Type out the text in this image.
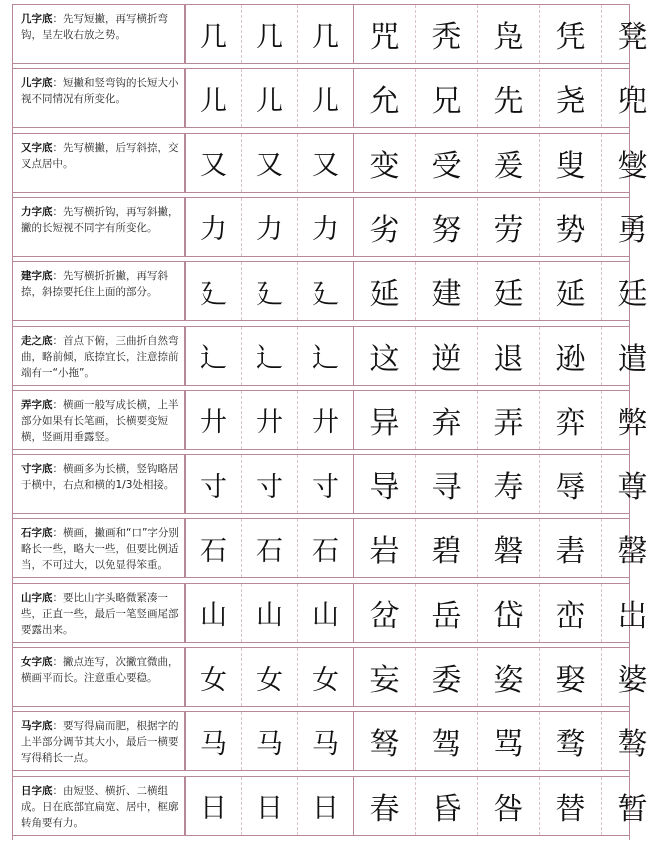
几字底：先写短撇，再写横折弯钩，呈左收右放之势。	几	几	几	咒	秃	凫	凭	凳
儿字底：短撇和竖弯钩的长短大小视不同情况有所变化。	儿	儿	儿	允	兄	先	尧	兜
又字底：先写横撇，后写斜捺，交叉点居中。	又	又	又	变	受	爰	叟	燮
力字底：先写横折钩，再写斜撇，撇的长短视不同字有所变化。	力	力	力	劣	努	劳	势	勇
建字底：先写横折折撇，再写斜捺，斜捺要托住上面的部分。	廴	廴	廴	延	建	廷	延	廷
走之底：首点下俯，三曲折自然弯曲，略前倾，底捺宜长，注意捺前端有一“小拖”。	辶	辶	辶	这	逆	退	逊	遣
弄字底：横画一般写成长横，上半部分如果有长笔画，长横要变短横，竖画用垂露竖。	廾	廾	廾	异	弃	弄	弈	弊
寸字底：横画多为长横，竖钩略居于横中，右点和横的1/3处相接。 寸	寸	寸	导	寻	寿	辱	尊
石字底：横画，撇画和“口”字分别略长一些，略大一些，但要比例适当，不可过大，以免显得笨重。	石	石	石	岩	碧	磐	砉	罄
山字底：要比山字头略微紧凑一些，正直一些，最后一笔竖画尾部要露出来。	山	山	山	岔	岳	岱	峦	岀
女字底：撇点连写，次撇宜微曲，横画平而长。注意重心要稳。	女	女	女	妄	委	姿	娶	婆
马字底：要写得扁而肥，根据字的上半部分调节其大小，最后一横要写得稍长一点。	马	马	马	驽	驾	骂	骛	骜
日字底：由短竖、横折、二横组成。日在底部宜扁宽、居中，框廓转角要有力。	日	日	日	春	昏	咎	替	暂
